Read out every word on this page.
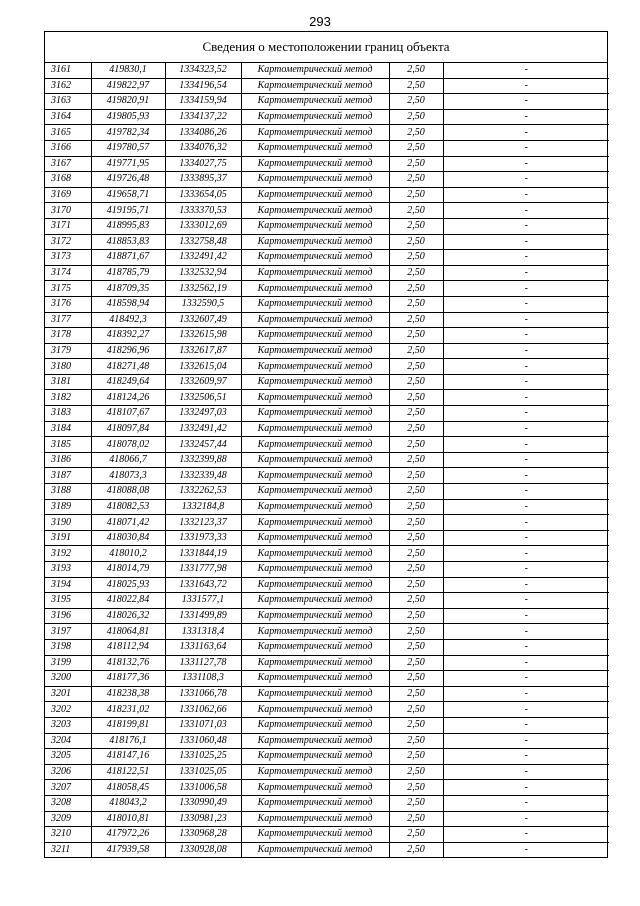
293
Сведения о местоположении границ объекта
3161	419830,1	1334323,52	Картометрический метод	2,50	-
3162	419822,97	1334196,54	Картометрический метод	2,50	-
3163	419820,91	1334159,94	Картометрический метод	2,50	-
3164	419805,93	1334137,22	Картометрический метод	2,50	-
3165	419782,34	1334086,26	Картометрический метод	2,50	-
3166	419780,57	1334076,32	Картометрический метод	2,50	-
3167	419771,95	1334027,75	Картометрический метод	2,50	-
3168	419726,48	1333895,37	Картометрический метод	2,50	-
3169	419658,71	1333654,05	Картометрический метод	2,50	-
3170	419195,71	1333370,53	Картометрический метод	2,50	-
3171	418995,83	1333012,69	Картометрический метод	2,50	-
3172	418853,83	1332758,48	Картометрический метод	2,50	-
3173	418871,67	1332491,42	Картометрический метод	2,50	-
3174	418785,79	1332532,94	Картометрический метод	2,50	-
3175	418709,35	1332562,19	Картометрический метод	2,50	-
3176	418598,94	1332590,5	Картометрический метод	2,50	-
3177	418492,3	1332607,49	Картометрический метод	2,50	-
3178	418392,27	1332615,98	Картометрический метод	2,50	-
3179	418296,96	1332617,87	Картометрический метод	2,50	-
3180	418271,48	1332615,04	Картометрический метод	2,50	-
3181	418249,64	1332609,97	Картометрический метод	2,50	-
3182	418124,26	1332506,51	Картометрический метод	2,50	-
3183	418107,67	1332497,03	Картометрический метод	2,50	-
3184	418097,84	1332491,42	Картометрический метод	2,50	-
3185	418078,02	1332457,44	Картометрический метод	2,50	-
3186	418066,7	1332399,88	Картометрический метод	2,50	-
3187	418073,3	1332339,48	Картометрический метод	2,50	-
3188	418088,08	1332262,53	Картометрический метод	2,50	-
3189	418082,53	1332184,8	Картометрический метод	2,50	-
3190	418071,42	1332123,37	Картометрический метод	2,50	-
3191	418030,84	1331973,33	Картометрический метод	2,50	-
3192	418010,2	1331844,19	Картометрический метод	2,50	-
3193	418014,79	1331777,98	Картометрический метод	2,50	-
3194	418025,93	1331643,72	Картометрический метод	2,50	-
3195	418022,84	1331577,1	Картометрический метод	2,50	-
3196	418026,32	1331499,89	Картометрический метод	2,50	-
3197	418064,81	1331318,4	Картометрический метод	2,50	-
3198	418112,94	1331163,64	Картометрический метод	2,50	-
3199	418132,76	1331127,78	Картометрический метод	2,50	-
3200	418177,36	1331108,3	Картометрический метод	2,50	-
3201	418238,38	1331066,78	Картометрический метод	2,50	-
3202	418231,02	1331062,66	Картометрический метод	2,50	-
3203	418199,81	1331071,03	Картометрический метод	2,50	-
3204	418176,1	1331060,48	Картометрический метод	2,50	-
3205	418147,16	1331025,25	Картометрический метод	2,50	-
3206	418122,51	1331025,05	Картометрический метод	2,50	-
3207	418058,45	1331006,58	Картометрический метод	2,50	-
3208	418043,2	1330990,49	Картометрический метод	2,50	-
3209	418010,81	1330981,23	Картометрический метод	2,50	-
3210	417972,26	1330968,28	Картометрический метод	2,50	-
3211	417939,58	1330928,08	Картометрический метод	2,50	-
